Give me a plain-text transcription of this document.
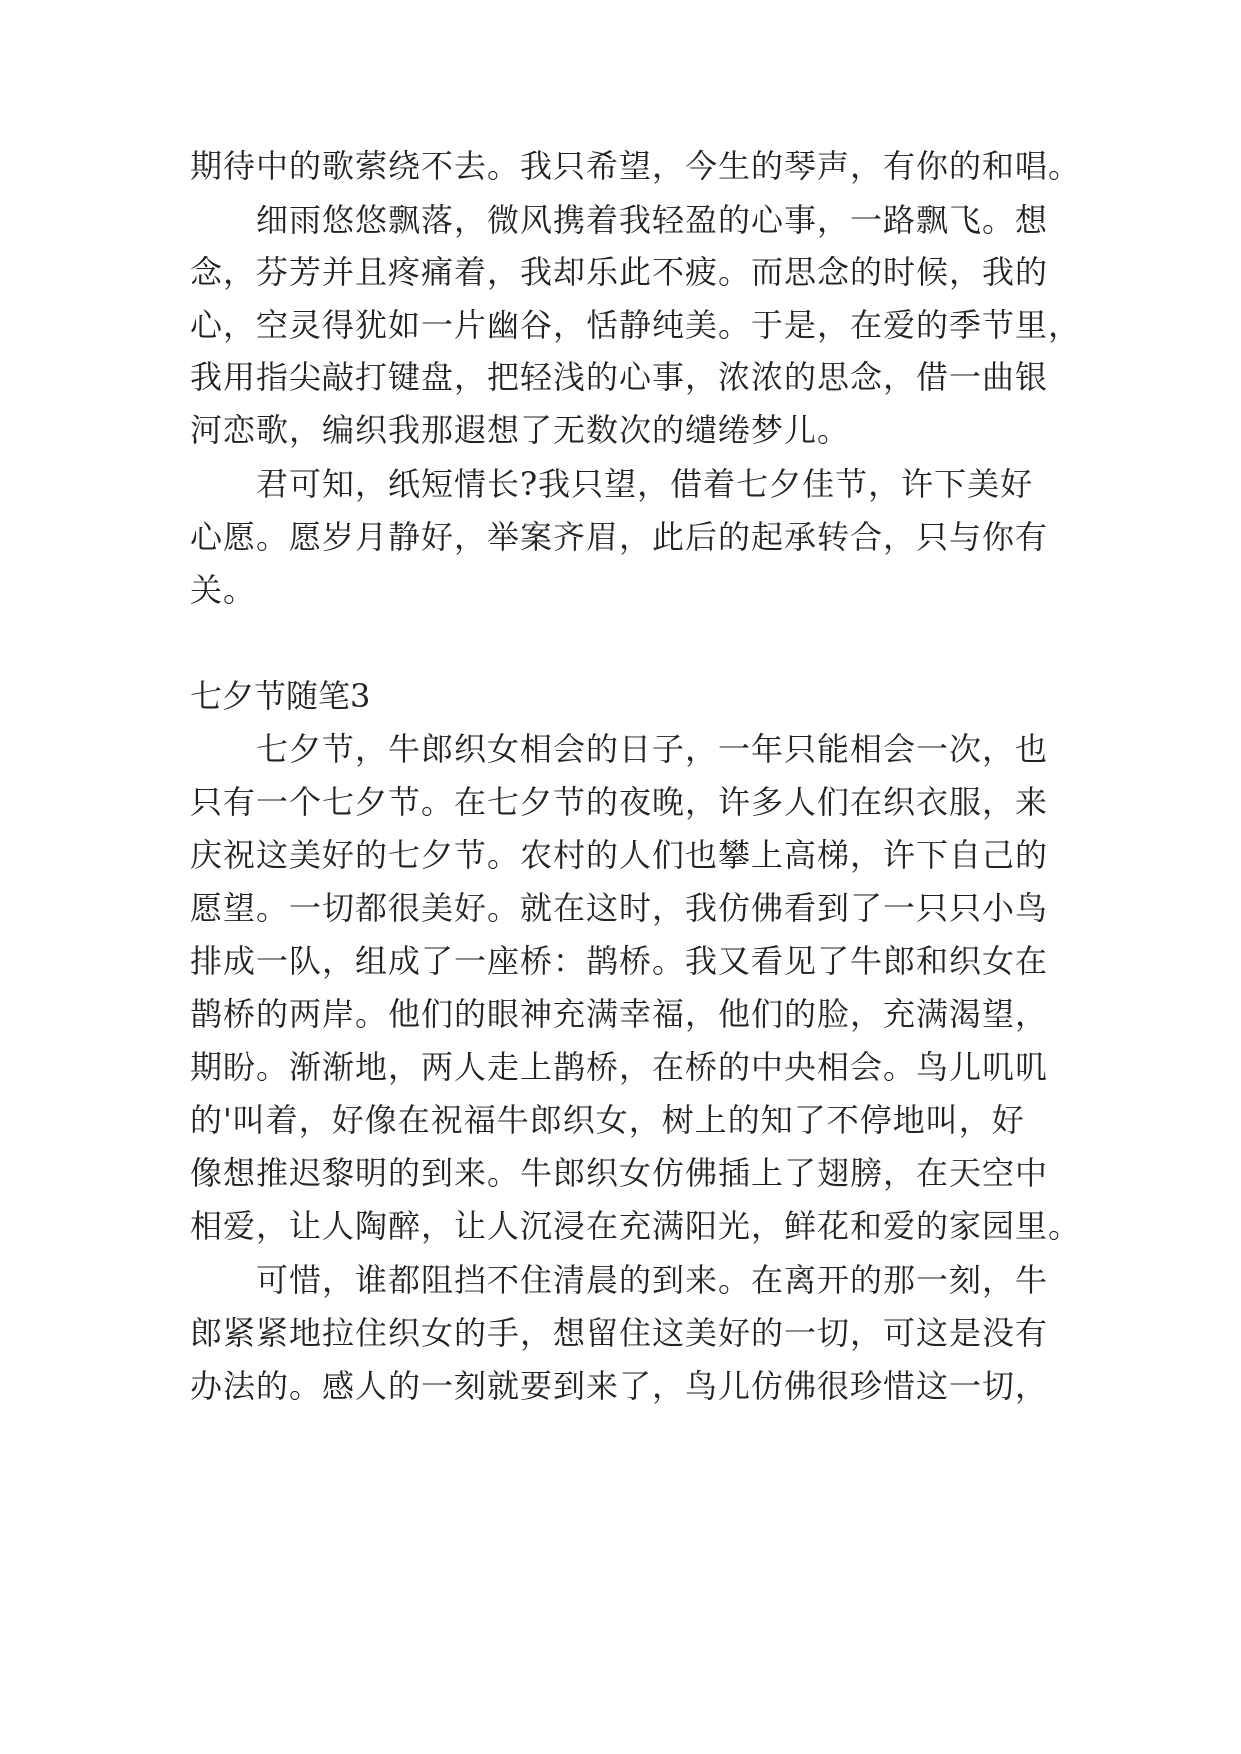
期待中的歌萦绕不去。我只希望，今生的琴声，有你的和唱。
细雨悠悠飘落，微风携着我轻盈的心事，一路飘飞。想
念，芬芳并且疼痛着，我却乐此不疲。而思念的时候，我的
心，空灵得犹如一片幽谷，恬静纯美。于是，在爱的季节里，
我用指尖敲打键盘，把轻浅的心事，浓浓的思念，借一曲银
河恋歌，编织我那遐想了无数次的缱绻梦儿。
君可知，纸短情长?我只望，借着七夕佳节，许下美好
心愿。愿岁月静好，举案齐眉，此后的起承转合，只与你有
关。
七夕节随笔3
七夕节，牛郎织女相会的日子，一年只能相会一次，也
只有一个七夕节。在七夕节的夜晚，许多人们在织衣服，来
庆祝这美好的七夕节。农村的人们也攀上高梯，许下自己的
愿望。一切都很美好。就在这时，我仿佛看到了一只只小鸟
排成一队，组成了一座桥：鹊桥。我又看见了牛郎和织女在
鹊桥的两岸。他们的眼神充满幸福，他们的脸，充满渴望，
期盼。渐渐地，两人走上鹊桥，在桥的中央相会。鸟儿叽叽
的'叫着，好像在祝福牛郎织女，树上的知了不停地叫，好
像想推迟黎明的到来。牛郎织女仿佛插上了翅膀，在天空中
相爱，让人陶醉，让人沉浸在充满阳光，鲜花和爱的家园里。
可惜，谁都阻挡不住清晨的到来。在离开的那一刻，牛
郎紧紧地拉住织女的手，想留住这美好的一切，可这是没有
办法的。感人的一刻就要到来了，鸟儿仿佛很珍惜这一切，
